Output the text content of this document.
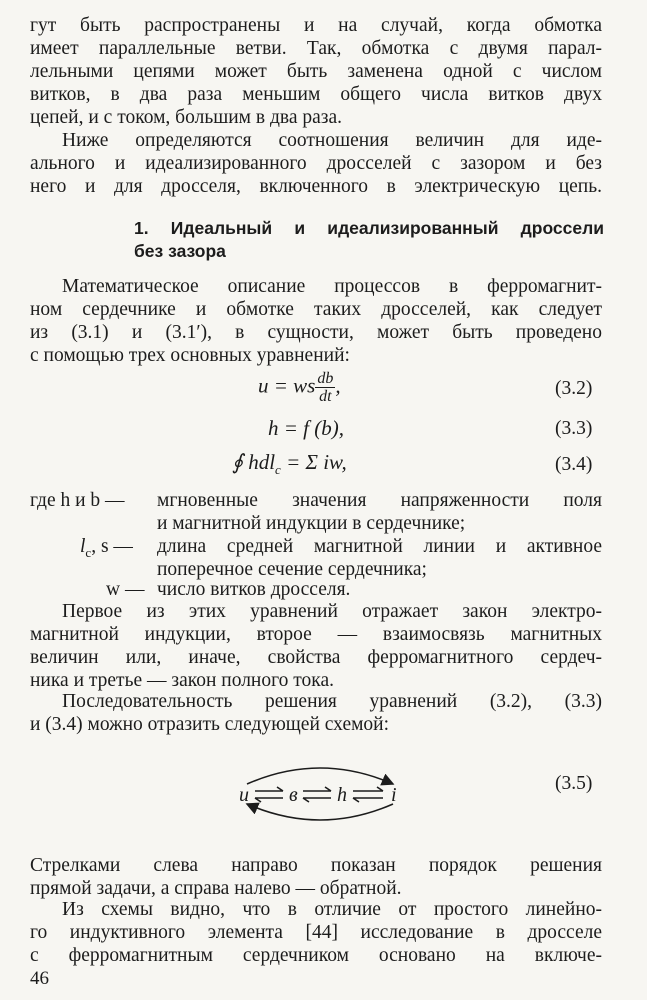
гут быть распространены и на случай, когда обмотка
имеет параллельные ветви. Так, обмотка с двумя парал-
лельными цепями может быть заменена одной с числом
витков, в два раза меньшим общего числа витков двух
цепей, и с током, большим в два раза.
Ниже определяются соотношения величин для иде-
ального и идеализированного дросселей с зазором и без
него и для дросселя, включенного в электрическую цепь.
1. Идеальный и идеализированный дроссели
без зазора
Математическое описание процессов в ферромагнит-
ном сердечнике и обмотке таких дросселей, как следует
из (3.1) и (3.1′), в сущности, может быть проведено
с помощью трех основных уравнений:
u = ws $\frac{db}{dt}$ ,	(3.2)
h = f (b),	(3.3)
∮ hdl$_c$ = Σ iw,	(3.4)
где h и b — мгновенные значения напряженности поля
и магнитной индукции в сердечнике;
$l_c$, s — длина средней магнитной линии и активное
поперечное сечение сердечника;
w — число витков дросселя.
Первое из этих уравнений отражает закон электро-
магнитной индукции, второе — взаимосвязь магнитных
величин или, иначе, свойства ферромагнитного сердеч-
ника и третье — закон полного тока.
Последовательность решения уравнений (3.2), (3.3)
и (3.4) можно отразить следующей схемой:
u в h i
(3.5)
Стрелками слева направо показан порядок решения
прямой задачи, а справа налево — обратной.
Из схемы видно, что в отличие от простого линейно-
го индуктивного элемента [44] исследование в дросселе
с ферромагнитным сердечником основано на включе-
46
